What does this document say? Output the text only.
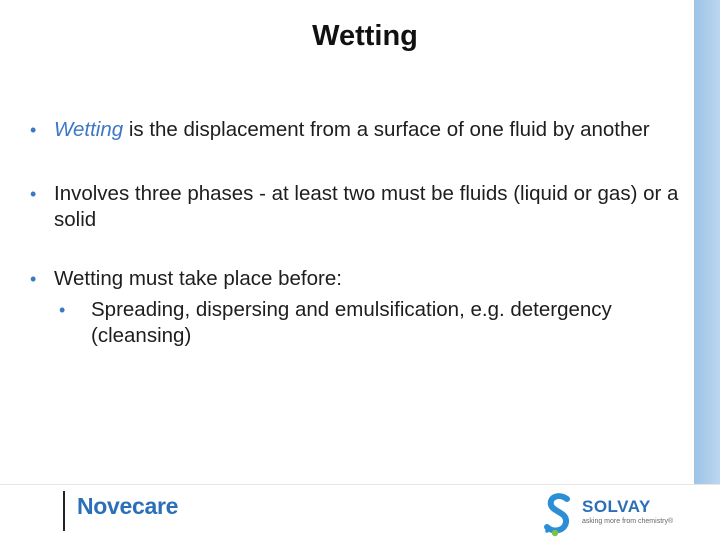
Wetting
• Wetting is the displacement from a surface of one fluid by another
• Involves three phases - at least two must be fluids (liquid or gas) or a solid
• Wetting must take place before:
• Spreading, dispersing and emulsification, e.g. detergency (cleansing)
Novecare	SOLVAY
asking more from chemistry®
